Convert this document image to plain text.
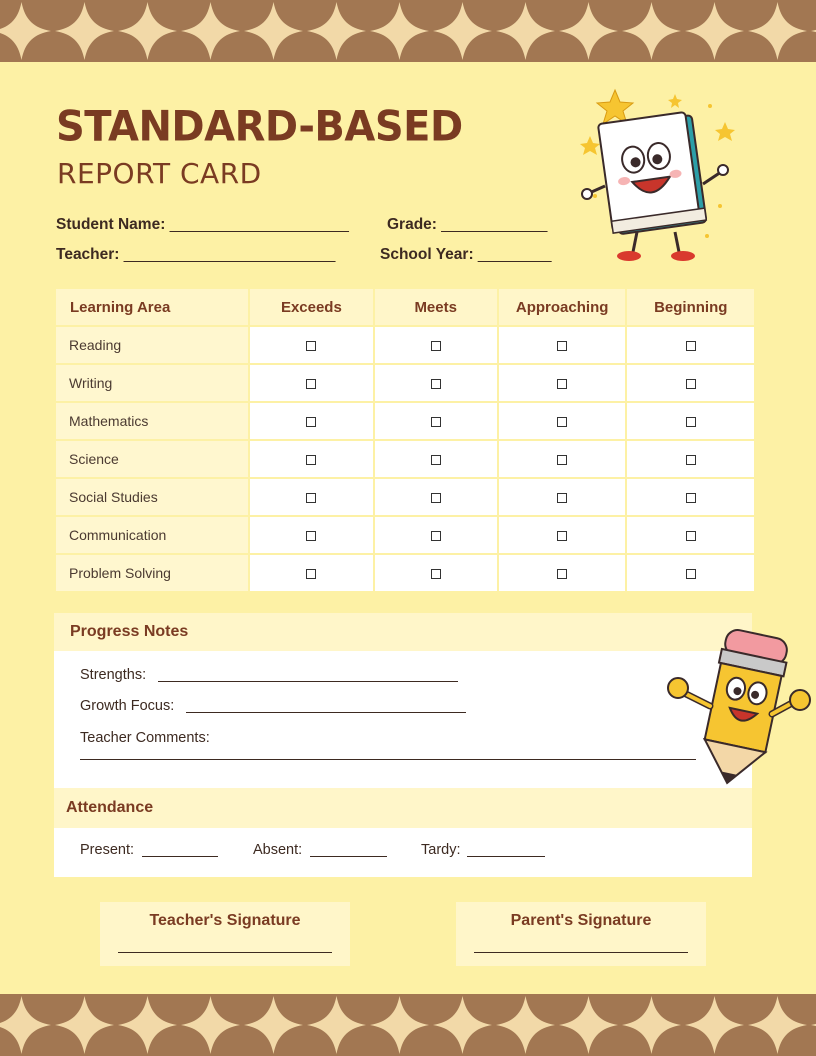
STANDARD-BASED
REPORT CARD
Student Name: ______________________ Grade: _____________
Teacher: __________________________	School Year: _________
Learning Area	Exceeds	Meets	Approaching	Beginning
Reading				
Writing				
Mathematics				
Science				
Social Studies				
Communication				
Problem Solving				
Progress Notes
Strengths:
Growth Focus:
Teacher Comments:
Attendance
Present:	Absent:	Tardy:
Teacher's Signature	Parent's Signature
